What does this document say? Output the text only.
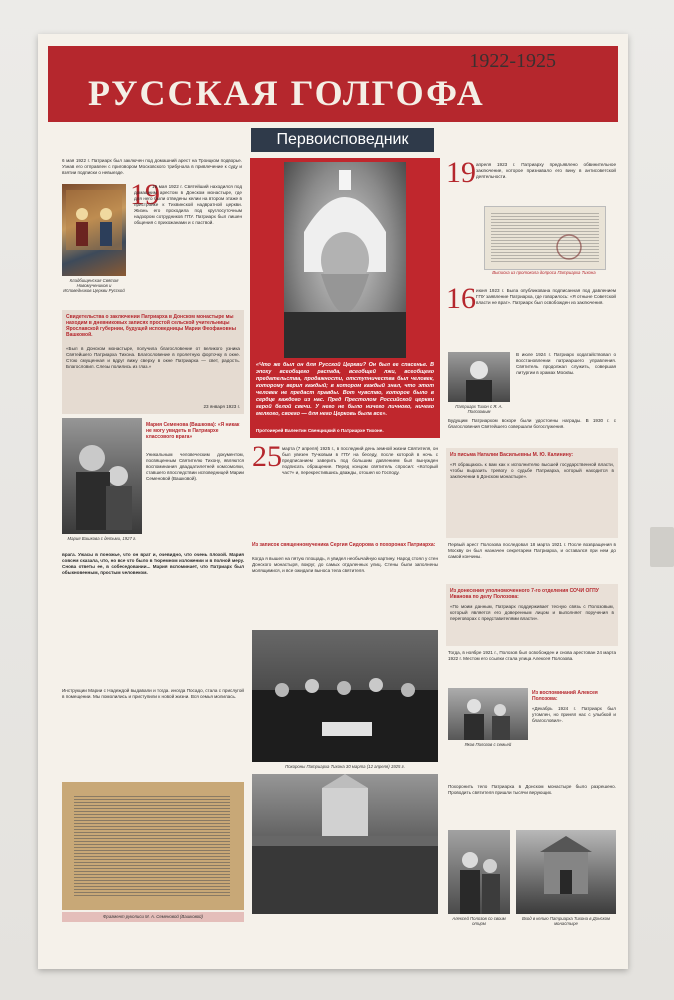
1922-1925
РУССКАЯ ГОЛГОФА
Первоисповедник
6 мая 1922 г. Патриарх был заключен под домашний арест на Троицком подворье. Узнав его отправлен с приговором Московского трибунала в привлечение к суду и взятии подписки о невыезде.
Кладбищенская Святая Новомучеников и Исповедников Церкви Русской
19
19 мая 1922 г. Святейший находился под домашним арестом в Донском монастыре, где для него были отведены келии на втором этаже в пристройке к Тихвинской надвратной церкви. Жизнь его проходила под круглосуточным надзором сотрудников ГПУ. Патриарх был лишен общения с прихожанами и с паствой.
Свидетельства о заключении Патриарха в Донском монастыре мы находим в дневниковых записях простой сельской учительницы Ярославской губернии, будущей исповедницы Марии Феофановны Вашковой.
«Был в Донском монастыре, получила благословение от великого узника Святейшего Патриарха Тихона. Благословение в пролетную форточку в окне. Стою смущенная и вдруг вижу сверху в окне Патриарха — свет, радость. Благословил. Слезы полились из глаз.»
23 января 1923 г.
Мария Вашкова с детьми, 1927 г.
Мария Семенова (Вашкова): «Я никак не могу увидеть в Патриархе классового врага»
Уникальным человеческим документом, посвященным Святителю Тихону, являются воспоминания двадцатилетней комсомолки, ставшего впоследствии исповедницей Марии Семеновой (Вашковой).
врага. Ужасы в поножье, что он врат и, очевидно, что очень плохой. Мария совсем сказала, что, но все что было в тюремном изложении и в полной меру. Снова ответы ее, в собеседовании... Мария вспоминает, что Патриарх был обыкновенным, простым человеком.
Инструкции Марии с Надеждой выдавали и тогда. иногда Посадо, стала с прислугой в помещении. Мы помолились и приступили к новой жизни. Вся семья молилась.
Фрагмент рукописи М. А. Семеновой (Вашковой)
«Что же был он для Русской Церкви? Он был ее спасенье. В эпоху всеобщего распада, всеобщей лжи, всеобщего предательства, продажности, отступничества был человек, которому верил каждый; в котором каждый знал, что этот человек не предаст правды. Вот чувство, которое было в сердце каждого из нас. Пред Престолом Российской церкви герой белой свечи. У него не было ничего личного, ничего мелкого, своего — для него Церковь была все».
Протоиерей Валентин Свенцицкий о Патриархе Тихоне.
25 марта (7 апреля) 1925 г., в последний день земной жизни Святителя, он был увезен Тучковым в ГПУ на беседу, после которой в ночь с предписанием заверить под большим давлением был вынужден подписать обращение. Перед концом святитель спросил: «Который час?» и, перекрестившись дважды, отошел ко Господу.
Из записок священномученика Сергия Сидорова о похоронах Патриарха:
Когда я вышел на пятую площадь, я увидел необычайную картину. Народ стоял у стен Донского монастыря, вокруг, до самых отдаленных улиц. Стены были заполнены молящимися, и все ожидали выноса тела святителя.
Похороны Патриарха Тихона 30 марта (12 апреля) 1925 г.
19 апреля 1923 г. Патриарху предъявлено обвинительное заключение, которое признавало его вину в антисоветской деятельности.
Выписка из протокола допроса Патриарха Тихона
16 июня 1923 г. Была опубликована подписанная под давлением ГПУ заявление Патриарха, где говорилось: «Я отныне Советской власти не враг». Патриарх был освобожден из заключения.
Патриарх Тихон с Я. А. Полозовым
В июле 1924 г. Патриарх ходатайствовал о восстановлении патриаршего управления. Святитель продолжал служить, совершая литургии в храмах Москвы.
Будущим Патриархом вскоре были удостоены награды. В 1930 г. с благословения Святейшего совершали богослужения.
Из письма Наталии Васильевны М. Ю. Калинину:
«Я обращаюсь к вам как к исполнителю высшей государственной власти, чтобы выразить тревогу о судьбе Патриарха, который находится в заключении в Донском монастыре».
Первый арест Полозова последовал 18 марта 1921 г. После возвращения в Москву он был назначен секретарем Патриарха, и оставался при нем до самой кончины.
Из донесения уполномоченного 7-го отделения СОЧИ ОГПУ Иванова по делу Полозова:
«По моим данным, Патриарх поддерживает тесную связь с Полозовым, который является его доверенным лицом и выполняет поручения в переговорах с представителями власти».
Тогда, в ноябре 1921 г., Полозов был освобожден и снова арестован 24 марта 1922 г. Местом его ссылки стала улица Алексея Полозова.
Яков Полозов с семьей
Из воспоминаний Алексея Полозова:
«Декабрь 1924 г. Патриарх был утомлен, но принял нас с улыбкой и благословил».
Похоронить тело Патриарха в Донском монастыре было разрешено. Проводить святителя пришли тысячи верующих.
Алексей Полозов со своим отцом
Вход в келию Патриарха Тихона в Донском монастыре
